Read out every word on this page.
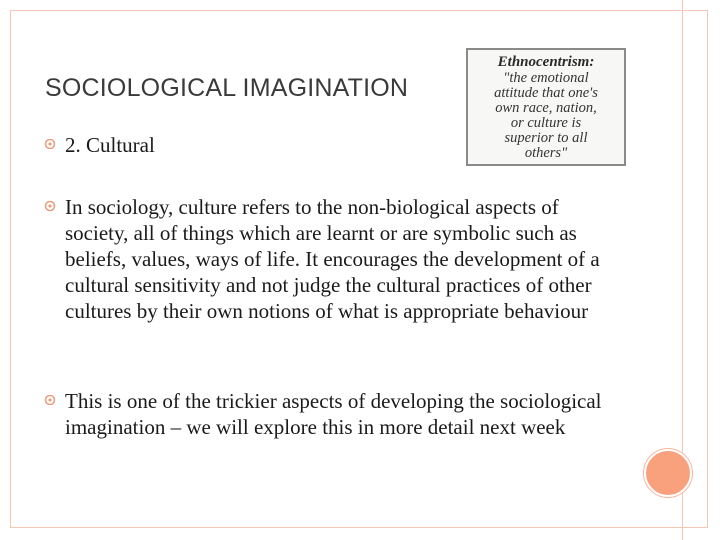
SOCIOLOGICAL IMAGINATION
Ethnocentrism:
"the emotional
attitude that one's
own race, nation,
or culture is
superior to all
others"
2. Cultural
In sociology, culture refers to the non-biological aspects of society, all of things which are learnt or are symbolic such as beliefs, values, ways of life. It encourages the development of a cultural sensitivity and not judge the cultural practices of other cultures by their own notions of what is appropriate behaviour
This is one of the trickier aspects of developing the sociological imagination – we will explore this in more detail next week
